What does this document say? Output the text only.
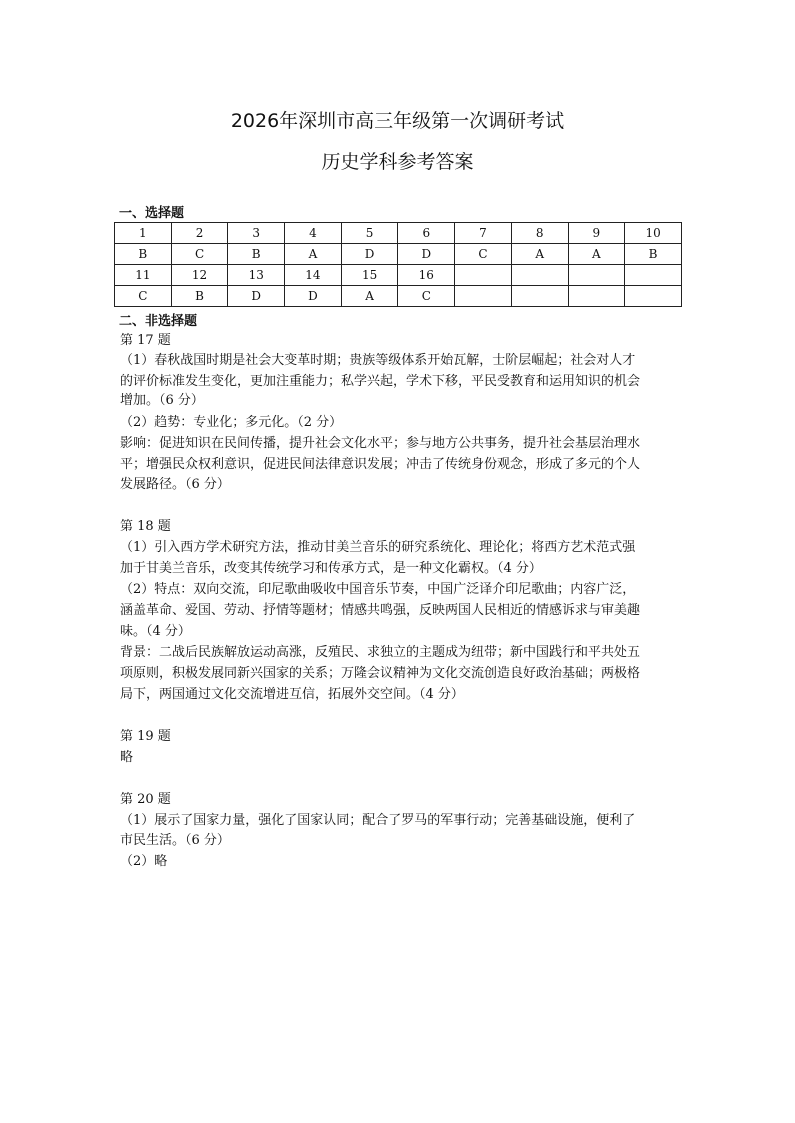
2026年深圳市高三年级第一次调研考试
历史学科参考答案
一、选择题
1	2	3	4	5	6	7	8	9	10
B	C	B	A	D	D	C	A	A	B
11	12	13	14	15	16				
C	B	D	D	A	C				
二、非选择题
第 17 题
（1）春秋战国时期是社会大变革时期；贵族等级体系开始瓦解，士阶层崛起；社会对人才
的评价标准发生变化，更加注重能力；私学兴起，学术下移，平民受教育和运用知识的机会
增加。（6 分）
（2）趋势：专业化；多元化。（2 分）
影响：促进知识在民间传播，提升社会文化水平；参与地方公共事务，提升社会基层治理水
平；增强民众权利意识，促进民间法律意识发展；冲击了传统身份观念，形成了多元的个人
发展路径。（6 分）
第 18 题
（1）引入西方学术研究方法，推动甘美兰音乐的研究系统化、理论化；将西方艺术范式强
加于甘美兰音乐，改变其传统学习和传承方式，是一种文化霸权。（4 分）
（2）特点：双向交流，印尼歌曲吸收中国音乐节奏，中国广泛译介印尼歌曲；内容广泛，
涵盖革命、爱国、劳动、抒情等题材；情感共鸣强，反映两国人民相近的情感诉求与审美趣
味。（4 分）
背景：二战后民族解放运动高涨，反殖民、求独立的主题成为纽带；新中国践行和平共处五
项原则，积极发展同新兴国家的关系；万隆会议精神为文化交流创造良好政治基础；两极格
局下，两国通过文化交流增进互信，拓展外交空间。（4 分）
第 19 题
略
第 20 题
（1）展示了国家力量，强化了国家认同；配合了罗马的军事行动；完善基础设施，便利了
市民生活。（6 分）
（2）略
